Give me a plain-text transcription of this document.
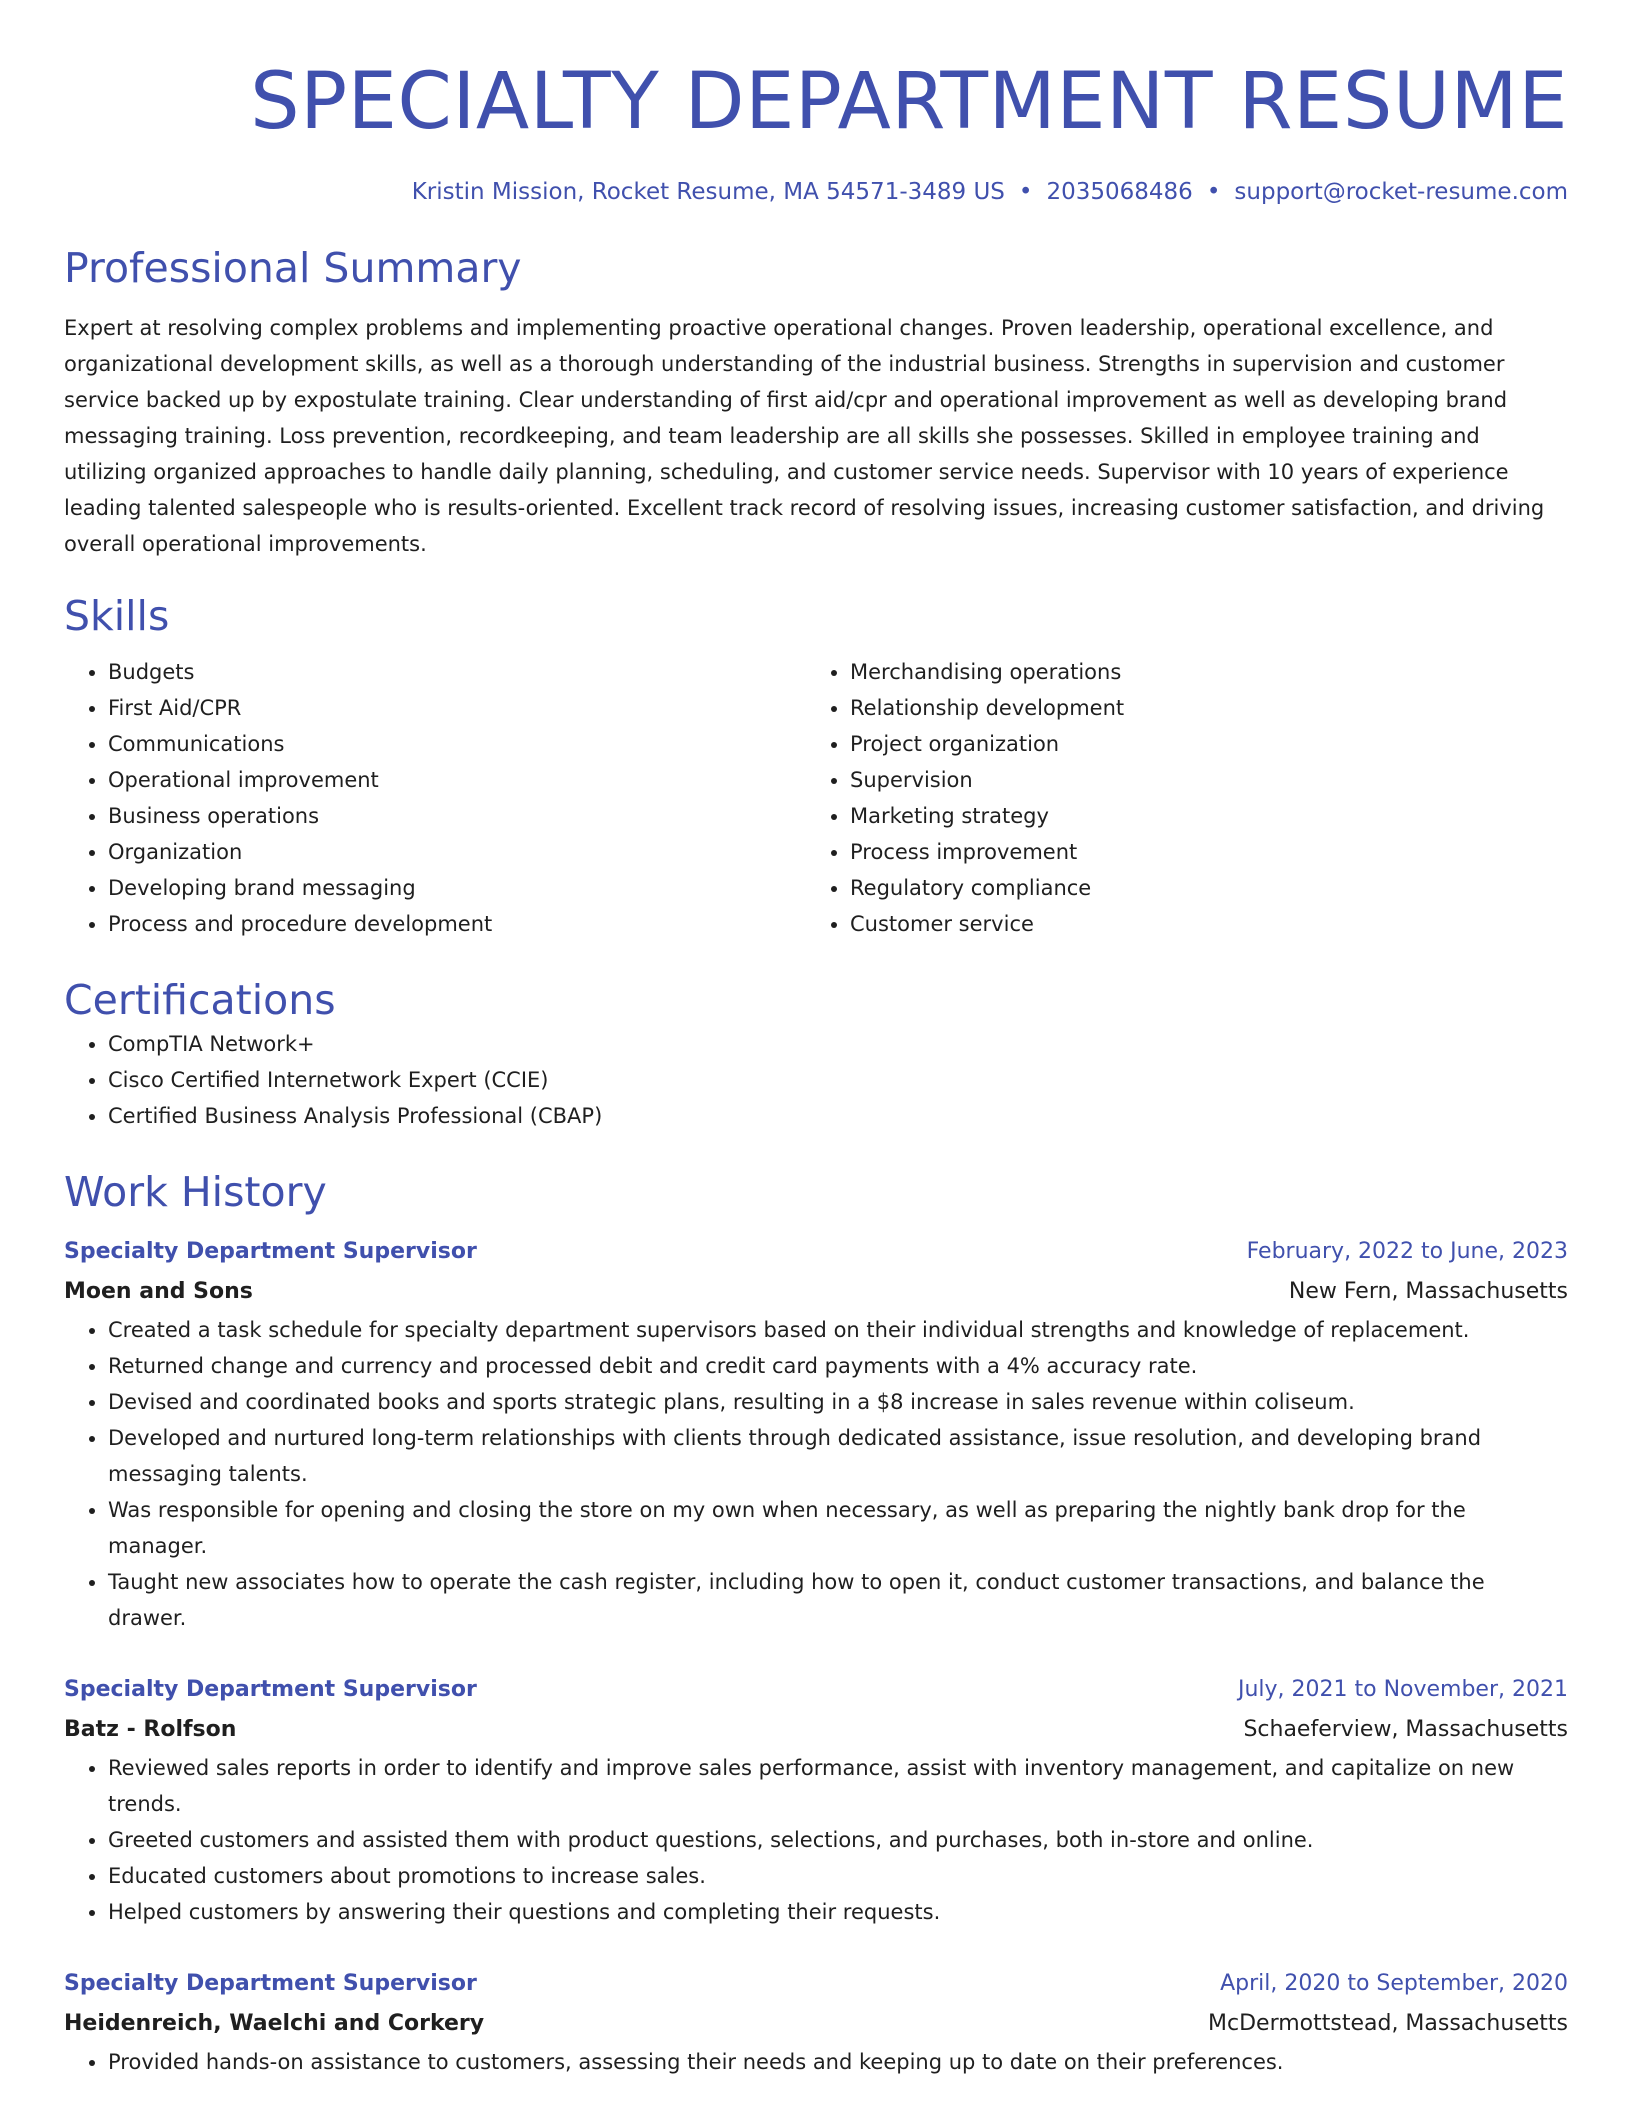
SPECIALTY DEPARTMENT RESUME
Kristin Mission, Rocket Resume, MA 54571-3489 US • 2035068486 • support@rocket-resume.com
Professional Summary

Expert at resolving complex problems and implementing proactive operational changes. Proven leadership, operational excellence, and organizational development skills, as well as a thorough understanding of the industrial business. Strengths in supervision and customer service backed up by expostulate training. Clear understanding of first aid/cpr and operational improvement as well as developing brand messaging training. Loss prevention, recordkeeping, and team leadership are all skills she possesses. Skilled in employee training and utilizing organized approaches to handle daily planning, scheduling, and customer service needs. Supervisor with 10 years of experience leading talented salespeople who is results-oriented. Excellent track record of resolving issues, increasing customer satisfaction, and driving overall operational improvements.

Skills
• Budgets
• First Aid/CPR
• Communications
• Operational improvement
• Business operations
• Organization
• Developing brand messaging
• Process and procedure development
• Merchandising operations
• Relationship development
• Project organization
• Supervision
• Marketing strategy
• Process improvement
• Regulatory compliance
• Customer service
Certifications
• CompTIA Network+
• Cisco Certified Internetwork Expert (CCIE)
• Certified Business Analysis Professional (CBAP)
Work History
Specialty Department Supervisor	February, 2022 to June, 2023
Moen and Sons	New Fern, Massachusetts
• Created a task schedule for specialty department supervisors based on their individual strengths and knowledge of replacement.
• Returned change and currency and processed debit and credit card payments with a 4% accuracy rate.
• Devised and coordinated books and sports strategic plans, resulting in a $8 increase in sales revenue within coliseum.
• Developed and nurtured long-term relationships with clients through dedicated assistance, issue resolution, and developing brand messaging talents.
• Was responsible for opening and closing the store on my own when necessary, as well as preparing the nightly bank drop for the manager.
• Taught new associates how to operate the cash register, including how to open it, conduct customer transactions, and balance the drawer.
Specialty Department Supervisor	July, 2021 to November, 2021
Batz - Rolfson	Schaeferview, Massachusetts
• Reviewed sales reports in order to identify and improve sales performance, assist with inventory management, and capitalize on new trends.
• Greeted customers and assisted them with product questions, selections, and purchases, both in-store and online.
• Educated customers about promotions to increase sales.
• Helped customers by answering their questions and completing their requests.
Specialty Department Supervisor	April, 2020 to September, 2020
Heidenreich, Waelchi and Corkery	McDermottstead, Massachusetts
• Provided hands-on assistance to customers, assessing their needs and keeping up to date on their preferences.
